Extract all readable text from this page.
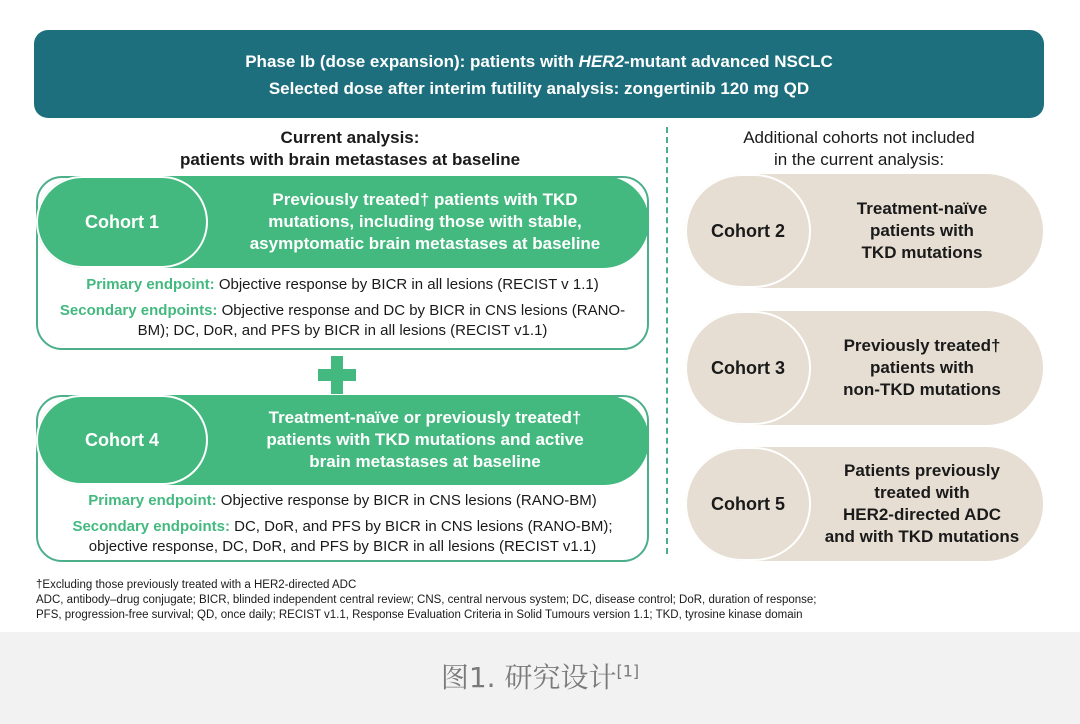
Phase Ib (dose expansion): patients with HER2-mutant advanced NSCLC
Selected dose after interim futility analysis: zongertinib 120 mg QD
Current analysis:
patients with brain metastases at baseline
Additional cohorts not included
in the current analysis:
Cohort 1
Previously treated† patients with TKD
mutations, including those with stable,
asymptomatic brain metastases at baseline

Primary endpoint: Objective response by BICR in all lesions (RECIST v 1.1)

Secondary endpoints: Objective response and DC by BICR in CNS lesions (RANO-BM); DC, DoR, and PFS by BICR in all lesions (RECIST v1.1)

Cohort 4
Treatment-naïve or previously treated†
patients with TKD mutations and active
brain metastases at baseline

Primary endpoint: Objective response by BICR in CNS lesions (RANO-BM)

Secondary endpoints: DC, DoR, and PFS by BICR in CNS lesions (RANO-BM); objective response, DC, DoR, and PFS by BICR in all lesions (RECIST v1.1)

Cohort 2
Treatment-naïve
patients with
TKD mutations
Cohort 3
Previously treated†
patients with
non-TKD mutations
Cohort 5
Patients previously
treated with
HER2-directed ADC
and with TKD mutations
†Excluding those previously treated with a HER2-directed ADC
ADC, antibody–drug conjugate; BICR, blinded independent central review; CNS, central nervous system; DC, disease control; DoR, duration of response;
PFS, progression-free survival; QD, once daily; RECIST v1.1, Response Evaluation Criteria in Solid Tumours version 1.1; TKD, tyrosine kinase domain
图1. 研究设计[1]
